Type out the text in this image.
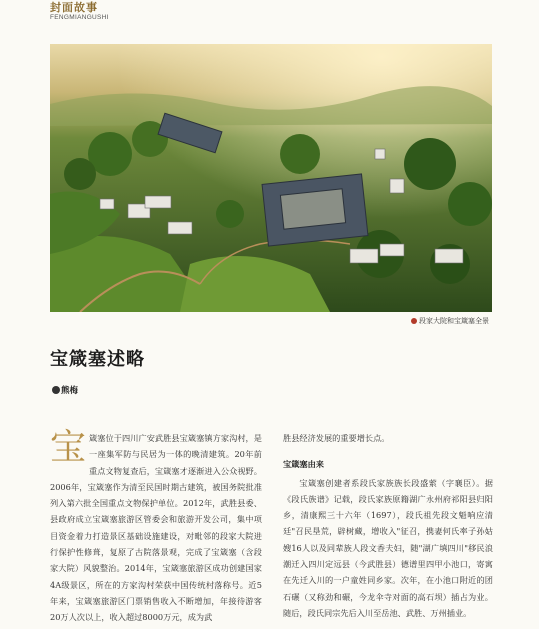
封面故事
FENGMIANGUSHI
段家大院和宝箴塞全景
宝箴塞述略
熊梅

宝箴塞位于四川广安武胜县宝箴塞镇方家沟村，是一座集军防与民居为一体的晚清建筑。20年前重点文物复查后，宝箴塞才逐渐进入公众视野。2006年，宝箴塞作为清至民国时期古建筑，被国务院批准列入第六批全国重点文物保护单位。2012年，武胜县委、县政府成立宝箴塞旅游区管委会和旅游开发公司，集中项目资金着力打造景区基础设施建设，对毗邻的段家大院进行保护性修葺，复原了古院落景观，完成了宝箴塞（含段家大院）风貌整治。2014年，宝箴塞旅游区成功创建国家4A级景区，所在的方家沟村荣获中国传统村落称号。近5年来，宝箴塞旅游区门票销售收入不断增加，年接待游客20万人次以上，收入超过8000万元，成为武

胜县经济发展的重要增长点。

宝箴塞由来

宝箴塞创建者系段氏家族族长段盛萦（字襄臣）。据《段氏族谱》记载，段氏家族原籍湖广永州府祁阳县归阳乡，清康熙三十六年（1697），段氏祖先段文魁响应清廷"召民垦荒，辟树藏，增收入"征召，携妻何氏率子孙姑嫂16人以及同辈族人段文香夫妇，随"湖广填四川"移民浪潮迁入四川定远县（今武胜县）德谱里四甲小池口，寄寓在先迁入川的一户童姓同乡家。次年，在小池口附近的团石碾（又称劲和碾，今龙伞寺对面的高石坝）插占为业。随后，段氏同宗先后入川至岳池、武胜、万州插业。
